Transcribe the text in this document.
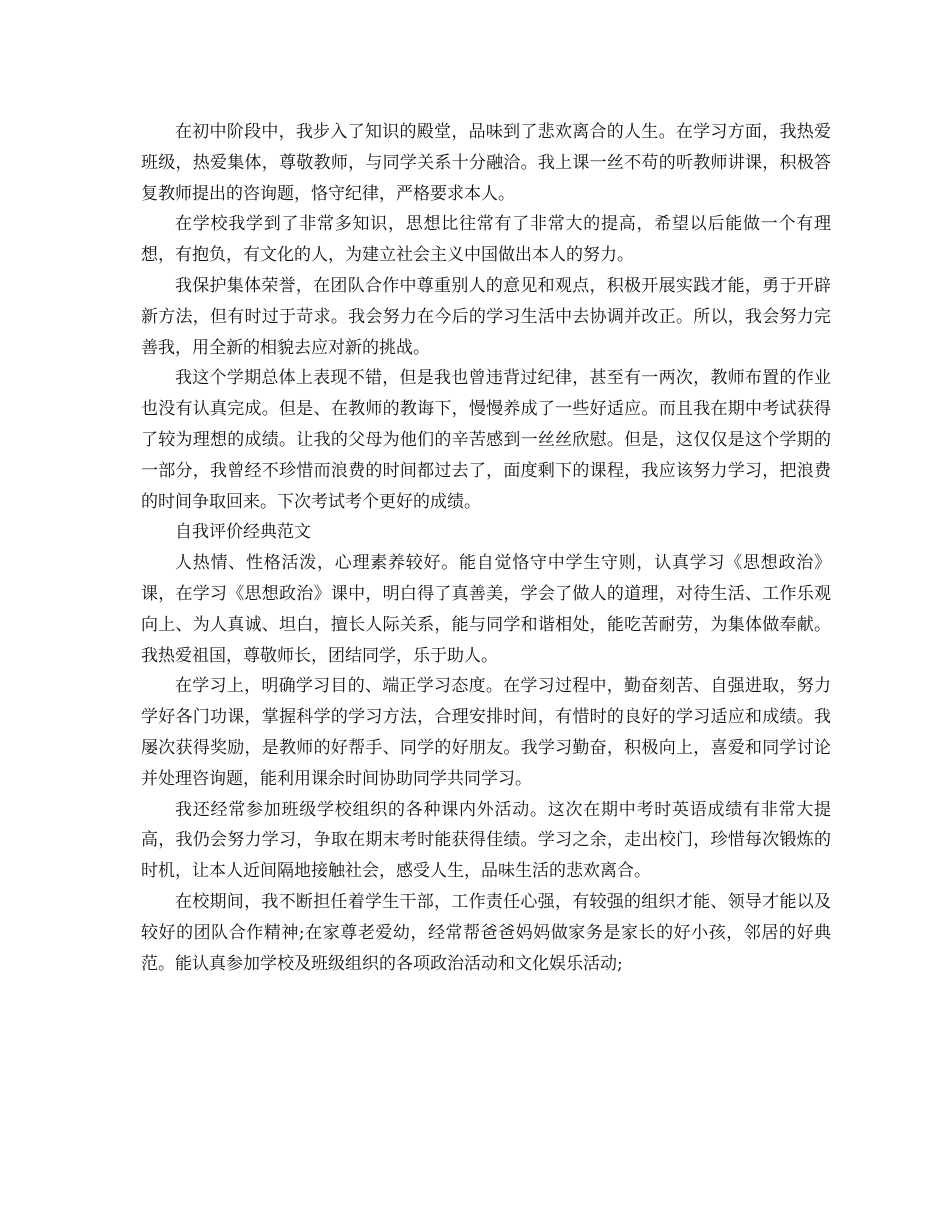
在初中阶段中，我步入了知识的殿堂，品味到了悲欢离合的人生。在学习方面，我热爱班级，热爱集体，尊敬教师，与同学关系十分融洽。我上课一丝不苟的听教师讲课，积极答复教师提出的咨询题，恪守纪律，严格要求本人。

在学校我学到了非常多知识，思想比往常有了非常大的提高，希望以后能做一个有理想，有抱负，有文化的人，为建立社会主义中国做出本人的努力。

我保护集体荣誉，在团队合作中尊重别人的意见和观点，积极开展实践才能，勇于开辟新方法，但有时过于苛求。我会努力在今后的学习生活中去协调并改正。所以，我会努力完善我，用全新的相貌去应对新的挑战。

我这个学期总体上表现不错，但是我也曾违背过纪律，甚至有一两次，教师布置的作业也没有认真完成。但是、在教师的教诲下，慢慢养成了一些好适应。而且我在期中考试获得了较为理想的成绩。让我的父母为他们的辛苦感到一丝丝欣慰。但是，这仅仅是这个学期的一部分，我曾经不珍惜而浪费的时间都过去了，面度剩下的课程，我应该努力学习，把浪费的时间争取回来。下次考试考个更好的成绩。

自我评价经典范文

人热情、性格活泼，心理素养较好。能自觉恪守中学生守则，认真学习《思想政治》课，在学习《思想政治》课中，明白得了真善美，学会了做人的道理，对待生活、工作乐观向上、为人真诚、坦白，擅长人际关系，能与同学和谐相处，能吃苦耐劳，为集体做奉献。我热爱祖国，尊敬师长，团结同学，乐于助人。

在学习上，明确学习目的、端正学习态度。在学习过程中，勤奋刻苦、自强进取，努力学好各门功课，掌握科学的学习方法，合理安排时间，有惜时的良好的学习适应和成绩。我屡次获得奖励，是教师的好帮手、同学的好朋友。我学习勤奋，积极向上，喜爱和同学讨论并处理咨询题，能利用课余时间协助同学共同学习。

我还经常参加班级学校组织的各种课内外活动。这次在期中考时英语成绩有非常大提高，我仍会努力学习，争取在期末考时能获得佳绩。学习之余，走出校门，珍惜每次锻炼的时机，让本人近间隔地接触社会，感受人生，品味生活的悲欢离合。

在校期间，我不断担任着学生干部，工作责任心强，有较强的组织才能、领导才能以及较好的团队合作精神;在家尊老爱幼，经常帮爸爸妈妈做家务是家长的好小孩，邻居的好典范。能认真参加学校及班级组织的各项政治活动和文化娱乐活动;
